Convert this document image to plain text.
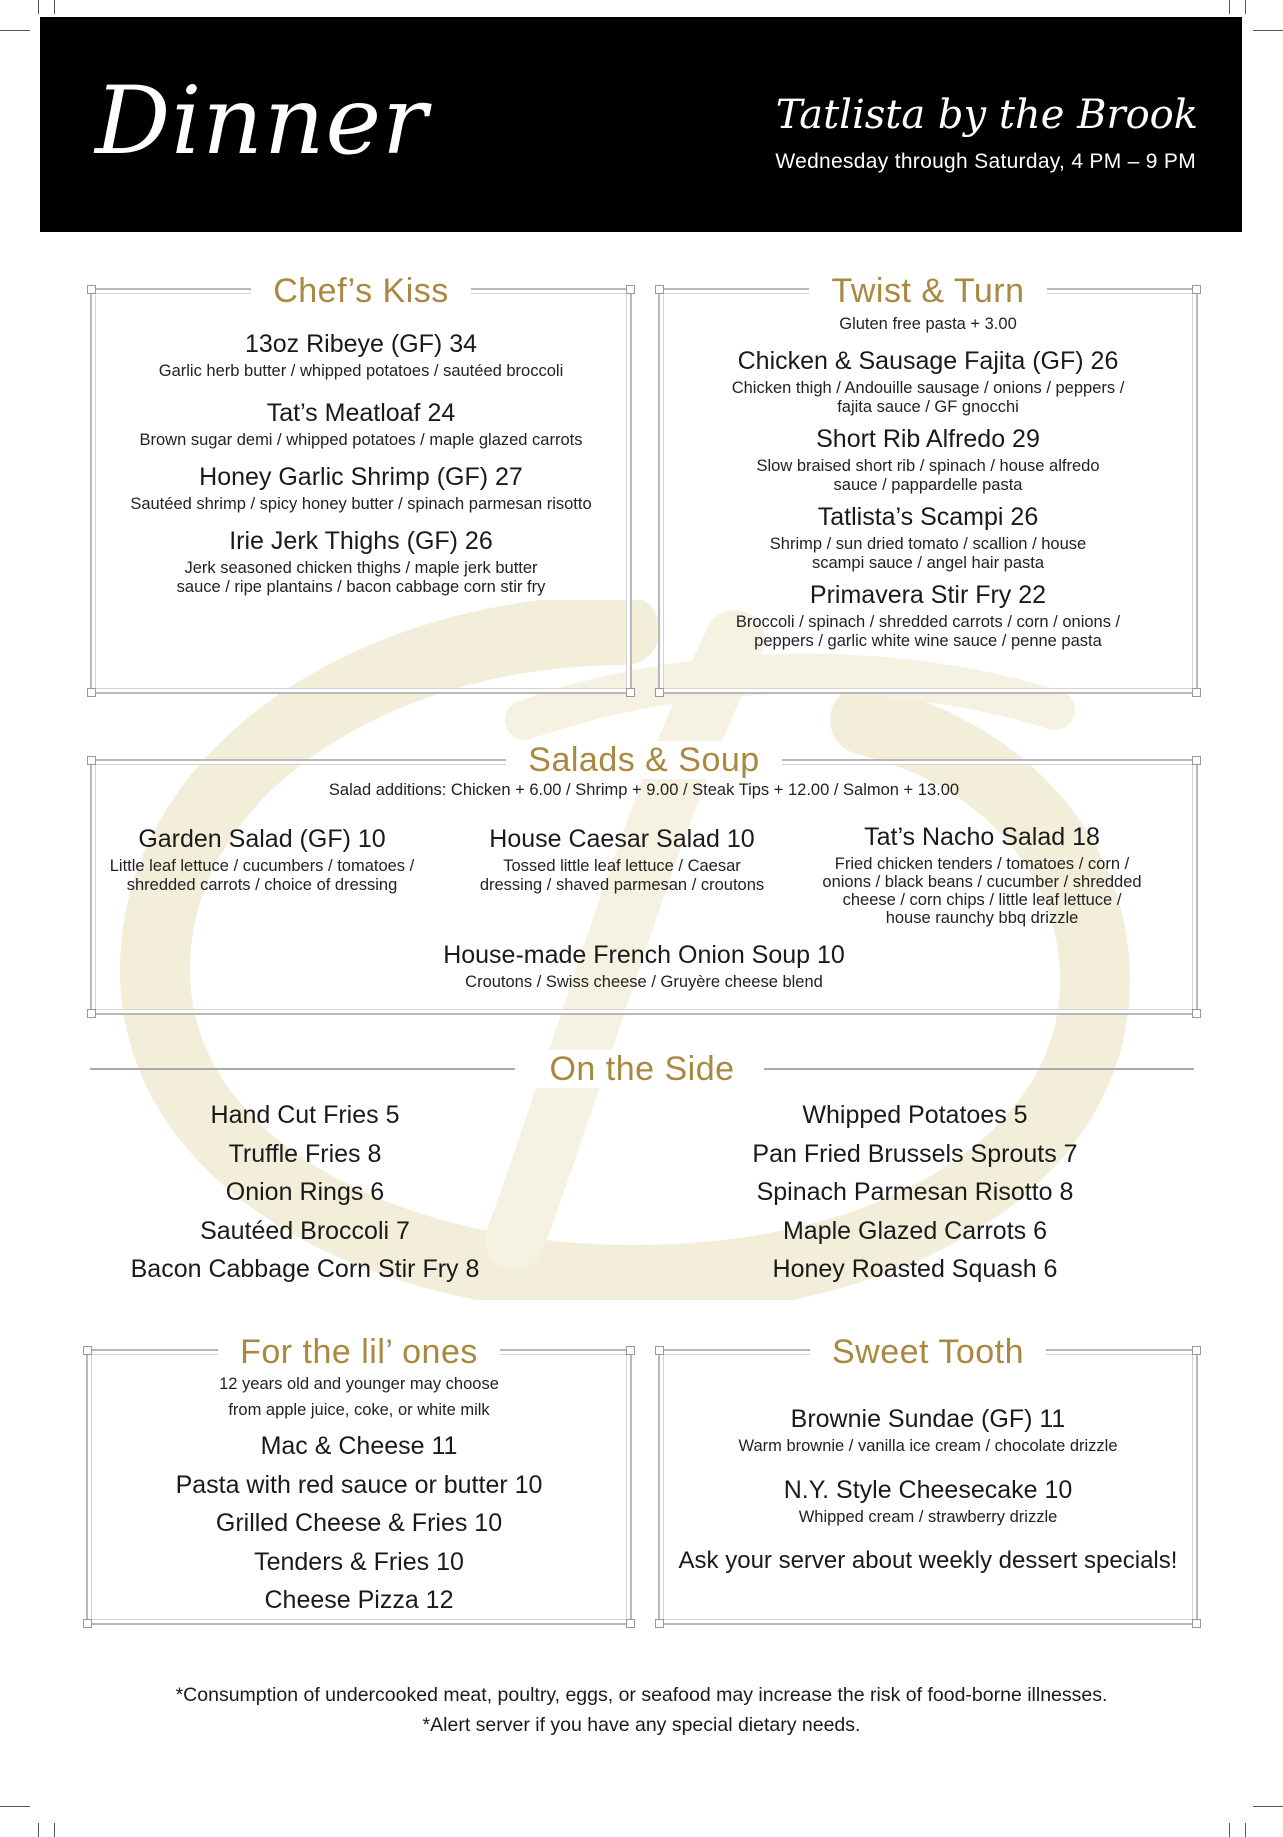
Dinner	Tatlista by the Brook
Wednesday through Saturday, 4 PM – 9 PM
Chef’s Kiss
13oz Ribeye (GF) 34
Garlic herb butter / whipped potatoes / sautéed broccoli
Tat’s Meatloaf 24
Brown sugar demi / whipped potatoes / maple glazed carrots
Honey Garlic Shrimp (GF) 27
Sautéed shrimp / spicy honey butter / spinach parmesan risotto
Irie Jerk Thighs (GF) 26
Jerk seasoned chicken thighs / maple jerk butter
sauce / ripe plantains / bacon cabbage corn stir fry
Twist & Turn
Gluten free pasta + 3.00
Chicken & Sausage Fajita (GF) 26
Chicken thigh / Andouille sausage / onions / peppers /
fajita sauce / GF gnocchi
Short Rib Alfredo 29
Slow braised short rib / spinach / house alfredo
sauce / pappardelle pasta
Tatlista’s Scampi 26
Shrimp / sun dried tomato / scallion / house
scampi sauce / angel hair pasta
Primavera Stir Fry 22
Broccoli / spinach / shredded carrots / corn / onions /
peppers / garlic white wine sauce / penne pasta
Salads & Soup
Salad additions: Chicken + 6.00 / Shrimp + 9.00 / Steak Tips + 12.00 / Salmon + 13.00
Garden Salad (GF) 10
Little leaf lettuce / cucumbers / tomatoes /
shredded carrots / choice of dressing
House Caesar Salad 10
Tossed little leaf lettuce / Caesar
dressing / shaved parmesan / croutons
Tat’s Nacho Salad 18
Fried chicken tenders / tomatoes / corn /
onions / black beans / cucumber / shredded
cheese / corn chips / little leaf lettuce /
house raunchy bbq drizzle
House-made French Onion Soup 10
Croutons / Swiss cheese / Gruyère cheese blend
On the Side
Hand Cut Fries 5
Truffle Fries 8
Onion Rings 6
Sautéed Broccoli 7
Bacon Cabbage Corn Stir Fry 8
Whipped Potatoes 5
Pan Fried Brussels Sprouts 7
Spinach Parmesan Risotto 8
Maple Glazed Carrots 6
Honey Roasted Squash 6
For the lil’ ones
12 years old and younger may choose
from apple juice, coke, or white milk
Mac & Cheese 11
Pasta with red sauce or butter 10
Grilled Cheese & Fries 10
Tenders & Fries 10
Cheese Pizza 12
Sweet Tooth
Brownie Sundae (GF) 11
Warm brownie / vanilla ice cream / chocolate drizzle
N.Y. Style Cheesecake 10
Whipped cream / strawberry drizzle
Ask your server about weekly dessert specials!
*Consumption of undercooked meat, poultry, eggs, or seafood may increase the risk of food-borne illnesses.
*Alert server if you have any special dietary needs.
